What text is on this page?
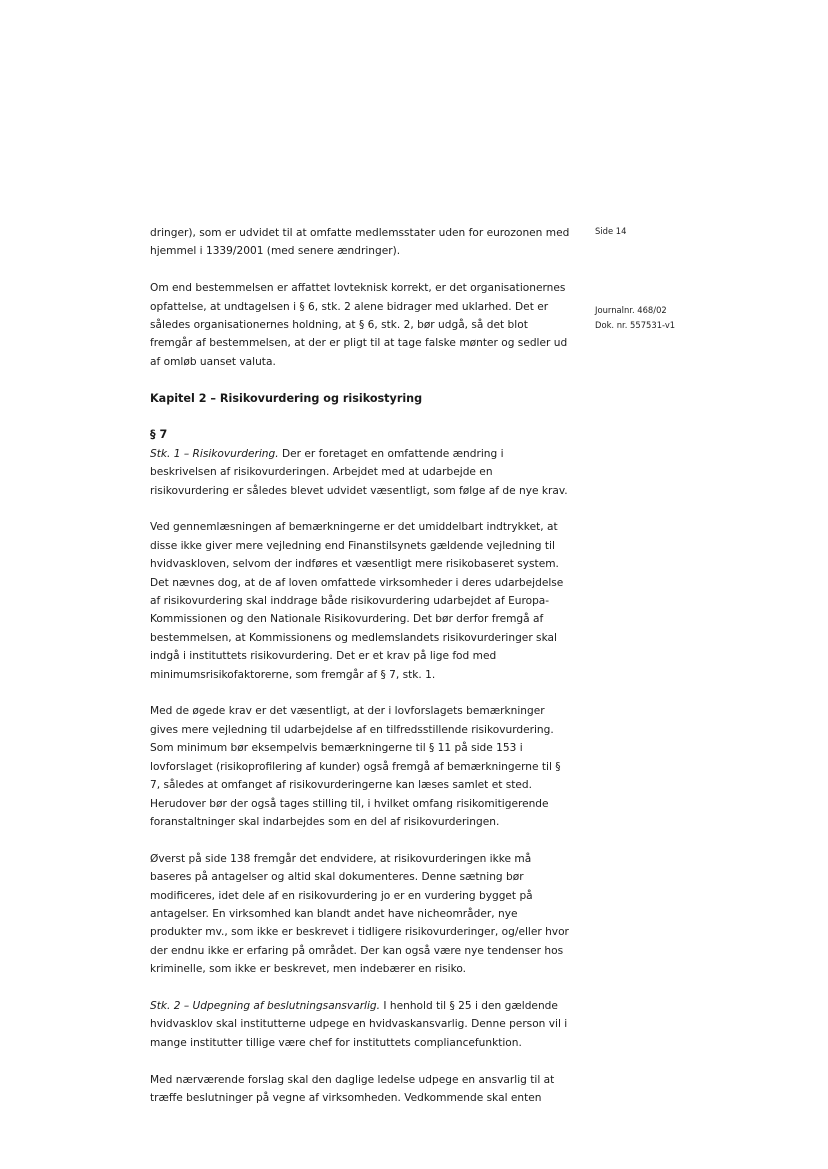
Side 14
Journalnr. 468/02
Dok. nr. 557531-v1

dringer), som er udvidet til at omfatte medlemsstater uden for eurozonen med hjemmel i 1339/2001 (med senere ændringer).

Om end bestemmelsen er affattet lovteknisk korrekt, er det organisationernes opfattelse, at undtagelsen i § 6, stk. 2 alene bidrager med uklarhed. Det er således organisationernes holdning, at § 6, stk. 2, bør udgå, så det blot fremgår af bestemmelsen, at der er pligt til at tage falske mønter og sedler ud af omløb uanset valuta.

Kapitel 2 – Risikovurdering og risikostyring

§ 7
Stk. 1 – Risikovurdering. Der er foretaget en omfattende ændring i beskrivelsen af risikovurderingen. Arbejdet med at udarbejde en risikovurdering er således blevet udvidet væsentligt, som følge af de nye krav.

Ved gennemlæsningen af bemærkningerne er det umiddelbart indtrykket, at disse ikke giver mere vejledning end Finanstilsynets gældende vejledning til hvidvaskloven, selvom der indføres et væsentligt mere risikobaseret system. Det nævnes dog, at de af loven omfattede virksomheder i deres udarbejdelse af risikovurdering skal inddrage både risikovurdering udarbejdet af Europa-Kommissionen og den Nationale Risikovurdering. Det bør derfor fremgå af bestemmelsen, at Kommissionens og medlemslandets risikovurderinger skal indgå i instituttets risikovurdering. Det er et krav på lige fod med minimumsrisikofaktorerne, som fremgår af § 7, stk. 1.

Med de øgede krav er det væsentligt, at der i lovforslagets bemærkninger gives mere vejledning til udarbejdelse af en tilfredsstillende risikovurdering. Som minimum bør eksempelvis bemærkningerne til § 11 på side 153 i lovforslaget (risikoprofilering af kunder) også fremgå af bemærkningerne til § 7, således at omfanget af risikovurderingerne kan læses samlet et sted. Herudover bør der også tages stilling til, i hvilket omfang risikomitigerende foranstaltninger skal indarbejdes som en del af risikovurderingen.

Øverst på side 138 fremgår det endvidere, at risikovurderingen ikke må baseres på antagelser og altid skal dokumenteres. Denne sætning bør modificeres, idet dele af en risikovurdering jo er en vurdering bygget på antagelser. En virksomhed kan blandt andet have nicheområder, nye produkter mv., som ikke er beskrevet i tidligere risikovurderinger, og/eller hvor der endnu ikke er erfaring på området. Der kan også være nye tendenser hos kriminelle, som ikke er beskrevet, men indebærer en risiko.

Stk. 2 – Udpegning af beslutningsansvarlig. I henhold til § 25 i den gældende hvidvasklov skal institutterne udpege en hvidvaskansvarlig. Denne person vil i mange institutter tillige være chef for instituttets compliancefunktion.

Med nærværende forslag skal den daglige ledelse udpege en ansvarlig til at træffe beslutninger på vegne af virksomheden. Vedkommende skal enten
